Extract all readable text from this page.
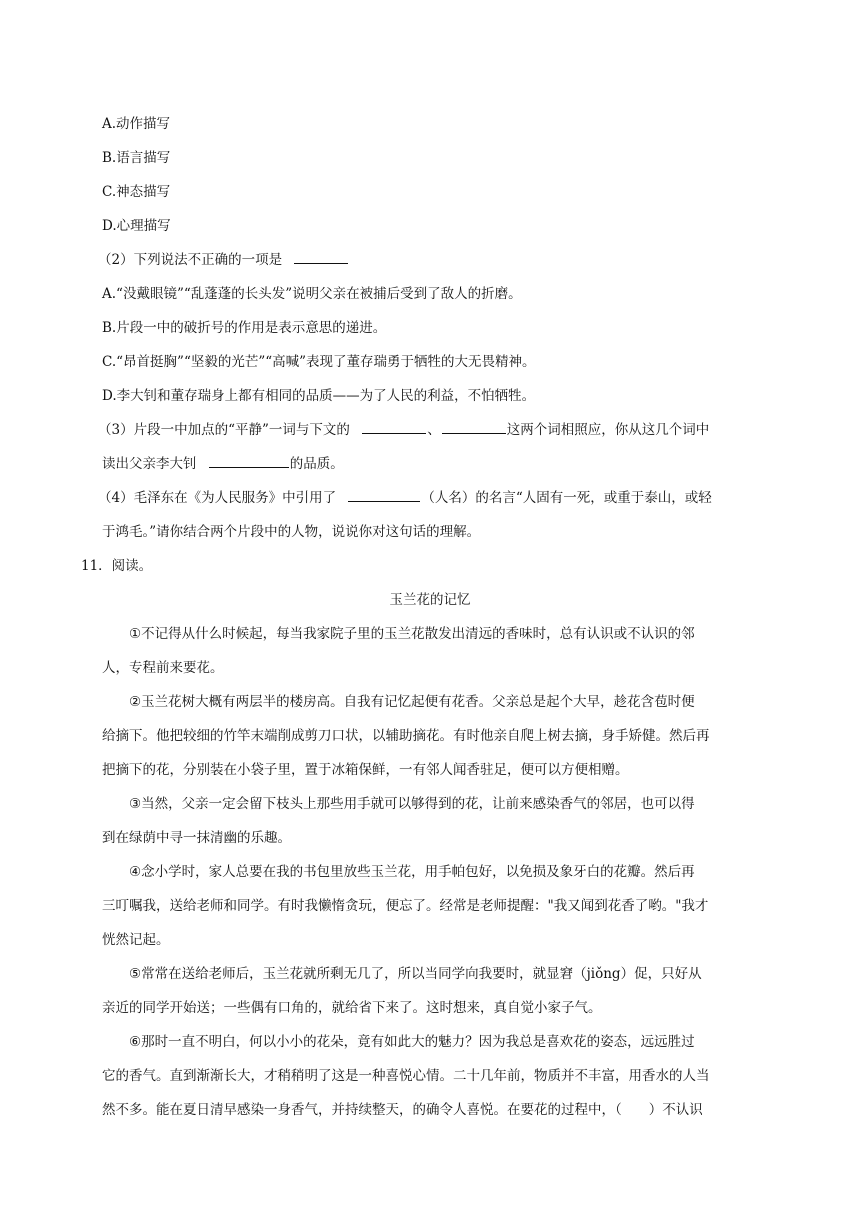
A.动作描写
B.语言描写
C.神态描写
D.心理描写
（2）下列说法不正确的一项是
A.“没戴眼镜”“乱蓬蓬的长头发”说明父亲在被捕后受到了敌人的折磨。
B.片段一中的破折号的作用是表示意思的递进。
C.“昂首挺胸”“坚毅的光芒”“高喊”表现了董存瑞勇于牺牲的大无畏精神。
D.李大钊和董存瑞身上都有相同的品质——为了人民的利益，不怕牺牲。
（3）片段一中加点的“平静”一词与下文的	、	这两个词相照应，你从这几个词中
读出父亲李大钊	的品质。
（4）毛泽东在《为人民服务》中引用了	（人名）的名言“人固有一死，或重于泰山，或轻
于鸿毛。”请你结合两个片段中的人物，说说你对这句话的理解。
11．阅读。
玉兰花的记忆
①不记得从什么时候起，每当我家院子里的玉兰花散发出清远的香味时，总有认识或不认识的邻
人，专程前来要花。
②玉兰花树大概有两层半的楼房高。自我有记忆起便有花香。父亲总是起个大早，趁花含苞时便
给摘下。他把较细的竹竿末端削成剪刀口状，以辅助摘花。有时他亲自爬上树去摘，身手矫健。然后再
把摘下的花，分别装在小袋子里，置于冰箱保鲜，一有邻人闻香驻足，便可以方便相赠。
③当然，父亲一定会留下枝头上那些用手就可以够得到的花，让前来感染香气的邻居，也可以得
到在绿荫中寻一抹清幽的乐趣。
④念小学时，家人总要在我的书包里放些玉兰花，用手帕包好，以免损及象牙白的花瓣。然后再
三叮嘱我，送给老师和同学。有时我懒惰贪玩，便忘了。经常是老师提醒："我又闻到花香了哟。"我才
恍然记起。
⑤常常在送给老师后，玉兰花就所剩无几了，所以当同学向我要时，就显窘（jiǒng）促，只好从
亲近的同学开始送；一些偶有口角的，就给省下来了。这时想来，真自觉小家子气。
⑥那时一直不明白，何以小小的花朵，竟有如此大的魅力？因为我总是喜欢花的姿态，远远胜过
它的香气。直到渐渐长大，才稍稍明了这是一种喜悦心情。二十几年前，物质并不丰富，用香水的人当
然不多。能在夏日清早感染一身香气，并持续整天，的确令人喜悦。在要花的过程中，（　　）不认识
